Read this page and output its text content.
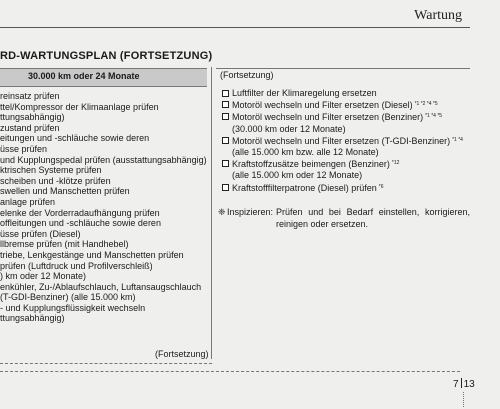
Wartung
RD-WARTUNGSPLAN (FORTSETZUNG)
30.000 km oder 24 Monate
reinsatz prüfen
ttel/Kompressor der Klimaanlage prüfen
ttungsabhängig)
zustand prüfen
eitungen und -schläuche sowie deren
üsse prüfen
und Kupplungspedal prüfen (ausstattungsabhängig)
ktrischen Systeme prüfen
scheiben und -klötze prüfen
swellen und Manschetten prüfen
anlage prüfen
elenke der Vorderradaufhängung prüfen
offleitungen und -schläuche sowie deren
üsse prüfen (Diesel)
llbremse prüfen (mit Handhebel)
triebe, Lenkgestänge und Manschetten prüfen
prüfen (Luftdruck und Profilverschleiß)
) km oder 12 Monate)
enkühler, Zu-/Ablaufschlauch, Luftansaugschlauch
(T-GDI-Benziner) (alle 15.000 km)
- und Kupplungsflüssigkeit wechseln
ttungsabhängig)
(Fortsetzung)
(Fortsetzung)
Luftfilter der Klimaregelung ersetzen
Motoröl wechseln und Filter ersetzen (Diesel) $^{*1 *2 *4 *5}$
Motoröl wechseln und Filter ersetzen (Benziner) $^{*1 *4 *5}$
(30.000 km oder 12 Monate)
Motoröl wechseln und Filter ersetzen (T-GDI-Benziner) $^{*1 *4}$
(alle 15.000 km bzw. alle 12 Monate)
Kraftstoffzusätze beimengen (Benziner) $^{*12}$
(alle 15.000 km oder 12 Monate)
Kraftstofffilterpatrone (Diesel) prüfen $^{*6}$
❈ Inspizieren: Prüfen und bei Bedarf einstellen, korrigieren, reinigen oder ersetzen.
7 13
